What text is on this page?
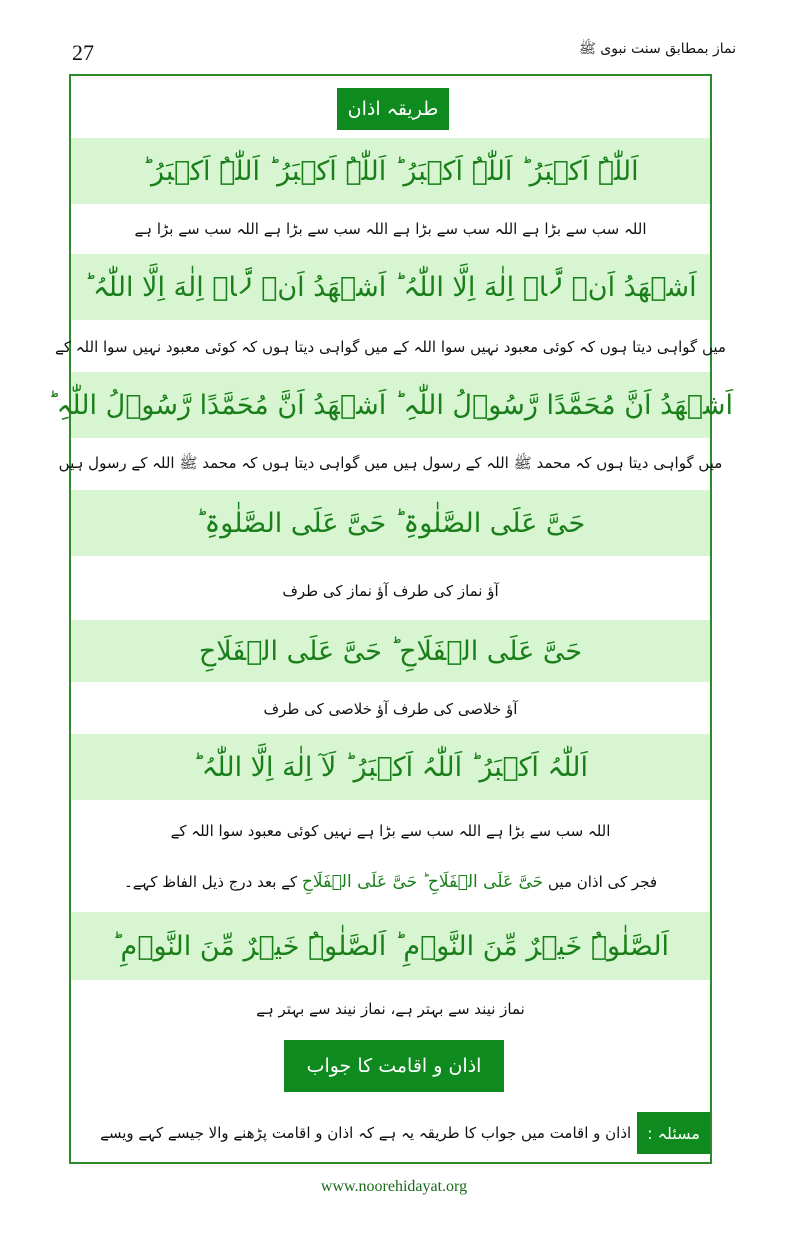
27	نماز بمطابق سنت نبوی ﷺ
طریقہ اذان
اَللّٰہُ اَکۡبَرُ ؕ اَللّٰہُ اَکۡبَرُ ؕ اَللّٰہُ اَکۡبَرُ ؕ اَللّٰہُ اَکۡبَرُ ؕ
اللہ سب سے بڑا ہے اللہ سب سے بڑا ہے اللہ سب سے بڑا ہے اللہ سب سے بڑا ہے
اَشۡهَدُ اَنۡ لَّاۤ اِلٰهَ اِلَّا اللّٰہُ ؕ اَشۡهَدُ اَنۡ لَّاۤ اِلٰهَ اِلَّا اللّٰہُ ؕ
میں گواہی دیتا ہوں کہ کوئی معبود نہیں سوا اللہ کے میں گواہی دیتا ہوں کہ کوئی معبود نہیں سوا اللہ کے
اَشۡهَدُ اَنَّ مُحَمَّدًا رَّسُوۡلُ اللّٰہِ ؕ اَشۡهَدُ اَنَّ مُحَمَّدًا رَّسُوۡلُ اللّٰہِ ؕ
میں گواہی دیتا ہوں کہ محمد ﷺ اللہ کے رسول ہیں میں گواہی دیتا ہوں کہ محمد ﷺ اللہ کے رسول ہیں
حَیَّ عَلَی الصَّلٰوۃِ ؕ حَیَّ عَلَی الصَّلٰوۃِ ؕ
آؤ نماز کی طرف آؤ نماز کی طرف
حَیَّ عَلَی الۡفَلَاحِ ؕ حَیَّ عَلَی الۡفَلَاحِ
آؤ خلاصی کی طرف آؤ خلاصی کی طرف
اَللّٰہُ اَکۡبَرُ ؕ اَللّٰہُ اَکۡبَرُ ؕ لَآ اِلٰهَ اِلَّا اللّٰہُ ؕ
اللہ سب سے بڑا ہے اللہ سب سے بڑا ہے نہیں کوئی معبود سوا اللہ کے
فجر کی اذان میں

حَیَّ عَلَی الۡفَلَاحِ ؕ حَیَّ عَلَی الۡفَلَاحِ

کے بعد درج ذیل الفاظ کہے۔
اَلصَّلٰوۃُ خَیۡرٌ مِّنَ النَّوۡمِ ؕ اَلصَّلٰوۃُ خَیۡرٌ مِّنَ النَّوۡمِ ؕ
نماز نیند سے بہتر ہے، نماز نیند سے بہتر ہے
اذان و اقامت کا جواب
مسئلہ :
اذان و اقامت میں جواب کا طریقہ یہ ہے کہ اذان و اقامت پڑھنے والا جیسے کہے ویسے
www.noorehidayat.org
